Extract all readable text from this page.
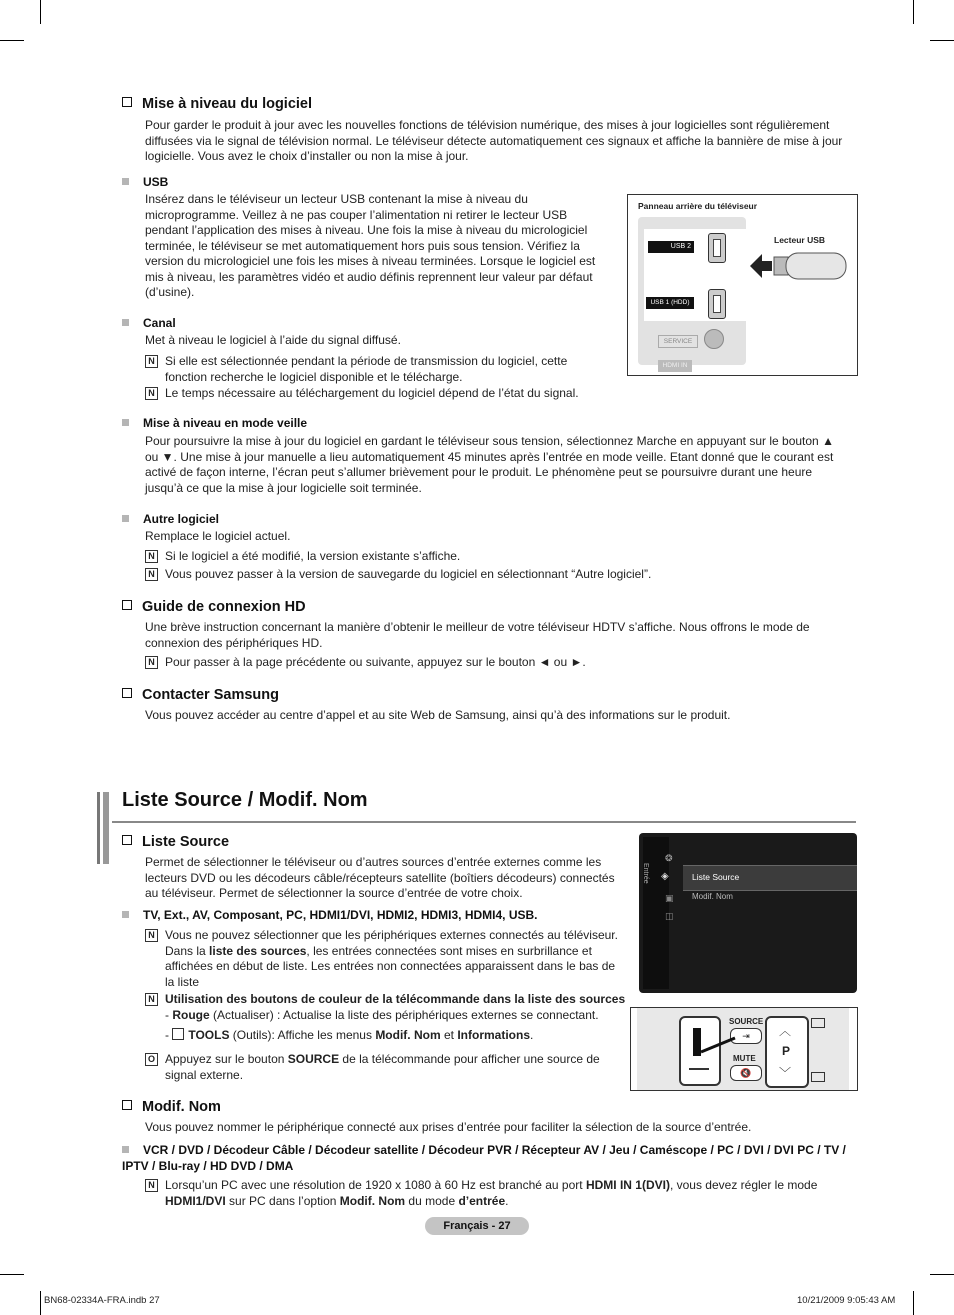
Mise à niveau du logiciel
Pour garder le produit à jour avec les nouvelles fonctions de télévision numérique, des mises à jour logicielles sont régulièrement diffusées via le signal de télévision normal. Le téléviseur détecte automatiquement ces signaux et affiche la bannière de mise à jour logicielle. Vous avez le choix d’installer ou non la mise à jour.
USB
Insérez dans le téléviseur un lecteur USB contenant la mise à niveau du microprogramme. Veillez à ne pas couper l’alimentation ni retirer le lecteur USB pendant l’application des mises à niveau. Une fois la mise à niveau du micrologiciel terminée, le téléviseur se met automatiquement hors puis sous tension. Vérifiez la version du micrologiciel une fois les mises à niveau terminées. Lorsque le logiciel est mis à niveau, les paramètres vidéo et audio définis reprennent leur valeur par défaut (d’usine).
Panneau arrière du téléviseur
USB 2
USB 1 (HDD)
SERVICE
HDMI IN
Lecteur USB
Canal
Met à niveau le logiciel à l’aide du signal diffusé.
N Si elle est sélectionnée pendant la période de transmission du logiciel, cette fonction recherche le logiciel disponible et le télécharge.
N Le temps nécessaire au téléchargement du logiciel dépend de l’état du signal.
Mise à niveau en mode veille
Pour poursuivre la mise à jour du logiciel en gardant le téléviseur sous tension, sélectionnez Marche en appuyant sur le bouton ▲ ou ▼. Une mise à jour manuelle a lieu automatiquement 45 minutes après l’entrée en mode veille. Etant donné que le courant est activé de façon interne, l’écran peut s’allumer brièvement pour le produit. Le phénomène peut se poursuivre durant une heure jusqu’à ce que la mise à jour logicielle soit terminée.
Autre logiciel
Remplace le logiciel actuel.
N Si le logiciel a été modifié, la version existante s’affiche.
N Vous pouvez passer à la version de sauvegarde du logiciel en sélectionnant “Autre logiciel”.
Guide de connexion HD
Une brève instruction concernant la manière d’obtenir le meilleur de votre téléviseur HDTV s’affiche. Nous offrons le mode de connexion des périphériques HD.
N Pour passer à la page précédente ou suivante, appuyez sur le bouton ◄ ou ►.
Contacter Samsung
Vous pouvez accéder au centre d’appel et au site Web de Samsung, ainsi qu’à des informations sur le produit.
Liste Source / Modif. Nom
Liste Source
Permet de sélectionner le téléviseur ou d’autres sources d’entrée externes comme les lecteurs DVD ou les décodeurs câble/récepteurs satellite (boîtiers décodeurs) connectés au téléviseur. Permet de sélectionner la source d’entrée de votre choix.
TV, Ext., AV, Composant, PC, HDMI1/DVI, HDMI2, HDMI3, HDMI4, USB.
N Vous ne pouvez sélectionner que les périphériques externes connectés au téléviseur. Dans la liste des sources, les entrées connectées sont mises en surbrillance et affichées en début de liste. Les entrées non connectées apparaissent dans le bas de la liste
N Utilisation des boutons de couleur de la télécommande dans la liste des sources
- Rouge (Actualiser) : Actualise la liste des périphériques externes se connectant.
- TOOLS (Outils): Affiche les menus Modif. Nom et Informations.
O Appuyez sur le bouton SOURCE de la télécommande pour afficher une source de signal externe.
Entrée
❂
Liste Source
◈
Modif. Nom
▣
◫
SOURCE
⇥
MUTE
🔇
︿
P
﹀
Modif. Nom
Vous pouvez nommer le périphérique connecté aux prises d’entrée pour faciliter la sélection de la source d’entrée.
VCR / DVD / Décodeur Câble / Décodeur satellite / Décodeur PVR / Récepteur AV / Jeu / Caméscope / PC / DVI / DVI PC / TV / IPTV / Blu-ray / HD DVD / DMA
N Lorsqu’un PC avec une résolution de 1920 x 1080 à 60 Hz est branché au port HDMI IN 1(DVI), vous devez régler le mode HDMI1/DVI sur PC dans l’option Modif. Nom du mode d’entrée.
Français - 27
BN68-02334A-FRA.indb 27	10/21/2009 9:05:43 AM
